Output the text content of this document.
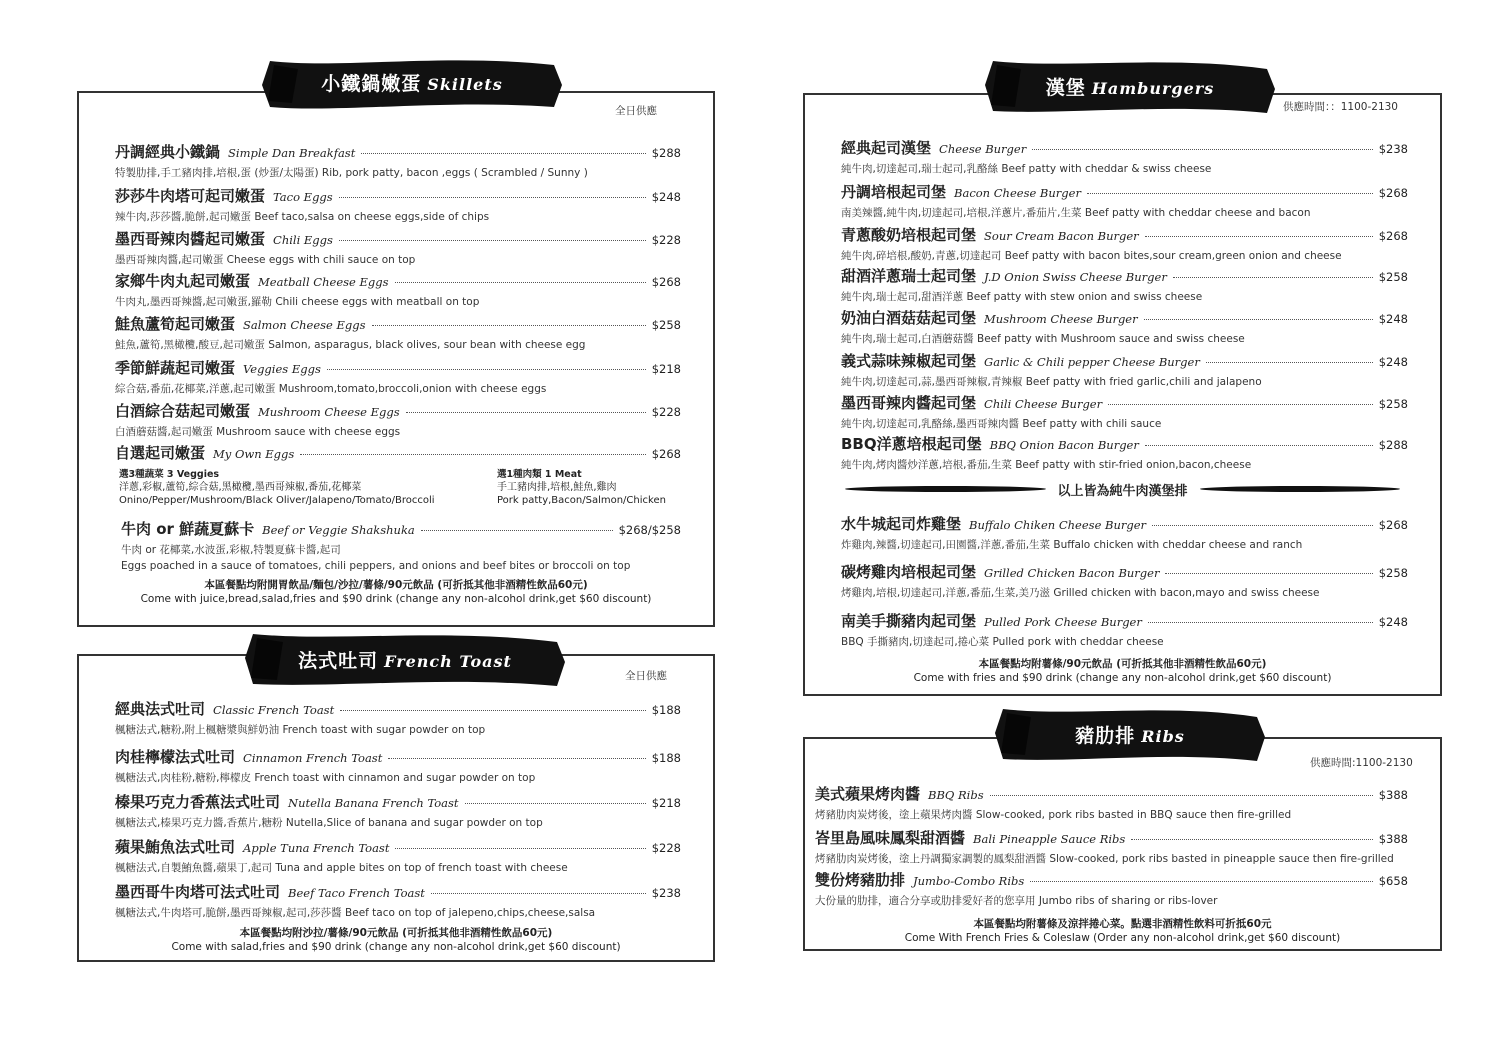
全日供應
丹調經典小鐵鍋 Simple Dan Breakfast	$288
特製肋排,手工豬肉排,培根,蛋 (炒蛋/太陽蛋) Rib, pork patty, bacon ,eggs ( Scrambled / Sunny )
莎莎牛肉塔可起司嫩蛋 Taco Eggs	$248
辣牛肉,莎莎醬,脆餅,起司嫩蛋 Beef taco,salsa on cheese eggs,side of chips
墨西哥辣肉醬起司嫩蛋 Chili Eggs	$228
墨西哥辣肉醬,起司嫩蛋 Cheese eggs with chili sauce on top
家鄉牛肉丸起司嫩蛋 Meatball Cheese Eggs	$268
牛肉丸,墨西哥辣醬,起司嫩蛋,羅勒 Chili cheese eggs with meatball on top
鮭魚蘆筍起司嫩蛋 Salmon Cheese Eggs	$258
鮭魚,蘆筍,黑橄欖,酸豆,起司嫩蛋 Salmon, asparagus, black olives, sour bean with cheese egg
季節鮮蔬起司嫩蛋 Veggies Eggs	$218
綜合菇,番茄,花椰菜,洋蔥,起司嫩蛋 Mushroom,tomato,broccoli,onion with cheese eggs
白酒綜合菇起司嫩蛋 Mushroom Cheese Eggs	$228
白酒蘑菇醬,起司嫩蛋 Mushroom sauce with cheese eggs
自選起司嫩蛋 My Own Eggs	$268
選3種蔬菜 3 Veggies
洋蔥,彩椒,蘆筍,綜合菇,黑橄欖,墨西哥辣椒,番茄,花椰菜
Onino/Pepper/Mushroom/Black Oliver/Jalapeno/Tomato/Broccoli
選1種肉類 1 Meat
手工豬肉排,培根,鮭魚,雞肉
Pork patty,Bacon/Salmon/Chicken
牛肉 or 鮮蔬夏蘇卡 Beef or Veggie Shakshuka	$268/$258
牛肉 or 花椰菜,水波蛋,彩椒,特製夏蘇卡醬,起司
Eggs poached in a sauce of tomatoes, chili peppers, and onions and beef bites or broccoli on top
本區餐點均附開胃飲品/麵包/沙拉/薯條/90元飲品 (可折抵其他非酒精性飲品60元)
Come with juice,bread,salad,fries and $90 drink (change any non-alcohol drink,get $60 discount)
小鐵鍋嫩蛋 Skillets
全日供應
經典法式吐司 Classic French Toast	$188
楓糖法式,糖粉,附上楓糖漿與鮮奶油 French toast with sugar powder on top
肉桂檸檬法式吐司 Cinnamon French Toast	$188
楓糖法式,肉桂粉,糖粉,檸檬皮 French toast with cinnamon and sugar powder on top
榛果巧克力香蕉法式吐司 Nutella Banana French Toast	$218
楓糖法式,榛果巧克力醬,香蕉片,糖粉 Nutella,Slice of banana and sugar powder on top
蘋果鮪魚法式吐司 Apple Tuna French Toast	$228
楓糖法式,自製鮪魚醬,蘋果丁,起司 Tuna and apple bites on top of french toast with cheese
墨西哥牛肉塔可法式吐司 Beef Taco French Toast	$238
楓糖法式,牛肉塔可,脆餅,墨西哥辣椒,起司,莎莎醬 Beef taco on top of jalepeno,chips,cheese,salsa
本區餐點均附沙拉/薯條/90元飲品 (可折抵其他非酒精性飲品60元)
Come with salad,fries and $90 drink (change any non-alcohol drink,get $60 discount)
法式吐司 French Toast
供應時間：：1100-2130
經典起司漢堡 Cheese Burger	$238
純牛肉,切達起司,瑞士起司,乳酪絲 Beef patty with cheddar & swiss cheese
丹調培根起司堡 Bacon Cheese Burger	$268
南美辣醬,純牛肉,切達起司,培根,洋蔥片,番茄片,生菜 Beef patty with cheddar cheese and bacon
青蔥酸奶培根起司堡 Sour Cream Bacon Burger	$268
純牛肉,碎培根,酸奶,青蔥,切達起司 Beef patty with bacon bites,sour cream,green onion and cheese
甜酒洋蔥瑞士起司堡 J.D Onion Swiss Cheese Burger	$258
純牛肉,瑞士起司,甜酒洋蔥 Beef patty with stew onion and swiss cheese
奶油白酒菇菇起司堡 Mushroom Cheese Burger	$248
純牛肉,瑞士起司,白酒蘑菇醬 Beef patty with Mushroom sauce and swiss cheese
義式蒜味辣椒起司堡 Garlic & Chili pepper Cheese Burger	$248
純牛肉,切達起司,蒜,墨西哥辣椒,青辣椒 Beef patty with fried garlic,chili and jalapeno
墨西哥辣肉醬起司堡 Chili Cheese Burger	$258
純牛肉,切達起司,乳酪絲,墨西哥辣肉醬 Beef patty with chili sauce
BBQ洋蔥培根起司堡 BBQ Onion Bacon Burger	$288
純牛肉,烤肉醬炒洋蔥,培根,番茄,生菜 Beef patty with stir-fried onion,bacon,cheese
以上皆為純牛肉漢堡排
水牛城起司炸雞堡 Buffalo Chiken Cheese Burger	$268
炸雞肉,辣醬,切達起司,田園醬,洋蔥,番茄,生菜 Buffalo chicken with cheddar cheese and ranch
碳烤雞肉培根起司堡 Grilled Chicken Bacon Burger	$258
烤雞肉,培根,切達起司,洋蔥,番茄,生菜,美乃滋 Grilled chicken with bacon,mayo and swiss cheese
南美手撕豬肉起司堡 Pulled Pork Cheese Burger	$248
BBQ 手撕豬肉,切達起司,捲心菜 Pulled pork with cheddar cheese
本區餐點均附薯條/90元飲品 (可折抵其他非酒精性飲品60元)
Come with fries and $90 drink (change any non-alcohol drink,get $60 discount)
漢堡 Hamburgers
供應時間:1100-2130
美式蘋果烤肉醬 BBQ Ribs	$388
烤豬肋肉炭烤後，塗上蘋果烤肉醬 Slow-cooked, pork ribs basted in BBQ sauce then fire-grilled
峇里島風味鳳梨甜酒醬 Bali Pineapple Sauce Ribs	$388
烤豬肋肉炭烤後，塗上丹調獨家調製的鳳梨甜酒醬 Slow-cooked, pork ribs basted in pineapple sauce then fire-grilled
雙份烤豬肋排 Jumbo-Combo Ribs	$658
大份量的肋排，適合分享或肋排愛好者的您享用 Jumbo ribs of sharing or ribs-lover
本區餐點均附薯條及涼拌捲心菜。點選非酒精性飲料可折抵60元
Come With French Fries & Coleslaw (Order any non-alcohol drink,get $60 discount)
豬肋排 Ribs
